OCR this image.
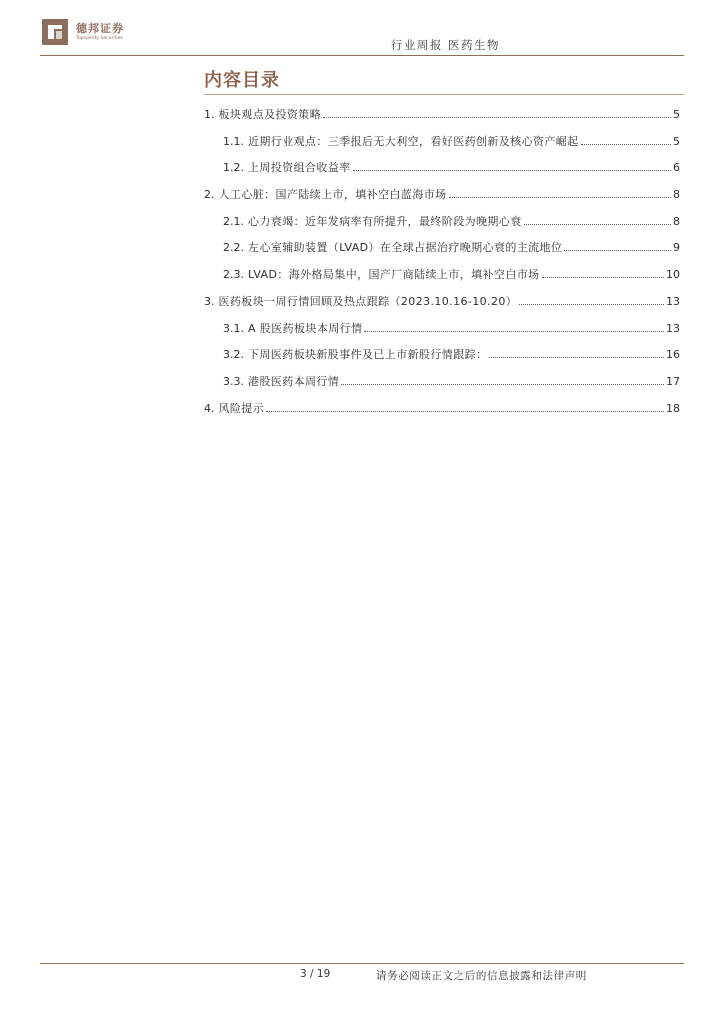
德邦证券
Topsperity Securities	行业周报 医药生物
内容目录
1. 板块观点及投资策略	5
1.1. 近期行业观点：三季报后无大利空，看好医药创新及核心资产崛起	5
1.2. 上周投资组合收益率	6
2. 人工心脏：国产陆续上市，填补空白蓝海市场	8
2.1. 心力衰竭：近年发病率有所提升，最终阶段为晚期心衰	8
2.2. 左心室辅助装置（LVAD）在全球占据治疗晚期心衰的主流地位	9
2.3. LVAD：海外格局集中，国产厂商陆续上市，填补空白市场	10
3. 医药板块一周行情回顾及热点跟踪（2023.10.16-10.20）	13
3.1. A 股医药板块本周行情	13
3.2. 下周医药板块新股事件及已上市新股行情跟踪：	16
3.3. 港股医药本周行情	17
4. 风险提示	18
3 / 19	请务必阅读正文之后的信息披露和法律声明
